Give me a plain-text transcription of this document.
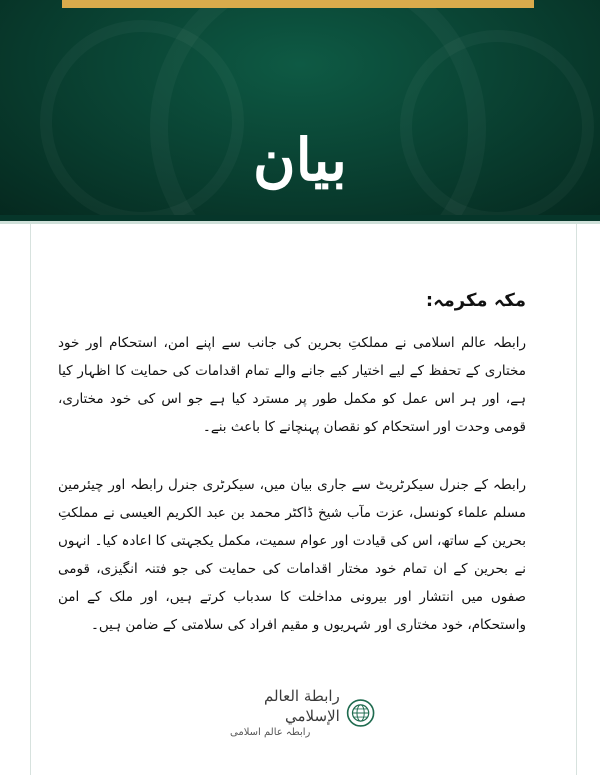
بيان
مکہ مکرمہ:

رابطہ عالم اسلامی نے مملکتِ بحرین کی جانب سے اپنے امن، استحکام اور خود مختاری کے تحفظ کے لیے اختیار کیے جانے والے تمام اقدامات کی حمایت کا اظہار کیا ہے، اور ہر اس عمل کو مکمل طور پر مسترد کیا ہے جو اس کی خود مختاری، قومی وحدت اور استحکام کو نقصان پہنچانے کا باعث بنے۔

رابطہ کے جنرل سیکرٹریٹ سے جاری بیان میں، سیکرٹری جنرل رابطہ اور چیئرمین مسلم علماء کونسل، عزت مآب شیخ ڈاکٹر محمد بن عبد الکریم العیسی نے مملکتِ بحرین کے ساتھ، اس کی قیادت اور عوام سمیت، مکمل یکجہتی کا اعادہ کیا۔ انہوں نے بحرین کے ان تمام خود مختار اقدامات کی حمایت کی جو فتنہ انگیزی، قومی صفوں میں انتشار اور بیرونی مداخلت کا سدباب کرتے ہیں، اور ملک کے امن واستحکام، خود مختاری اور شہریوں و مقیم افراد کی سلامتی کے ضامن ہیں۔

رابطة العالم الإسلامي
رابطہ عالم اسلامی
